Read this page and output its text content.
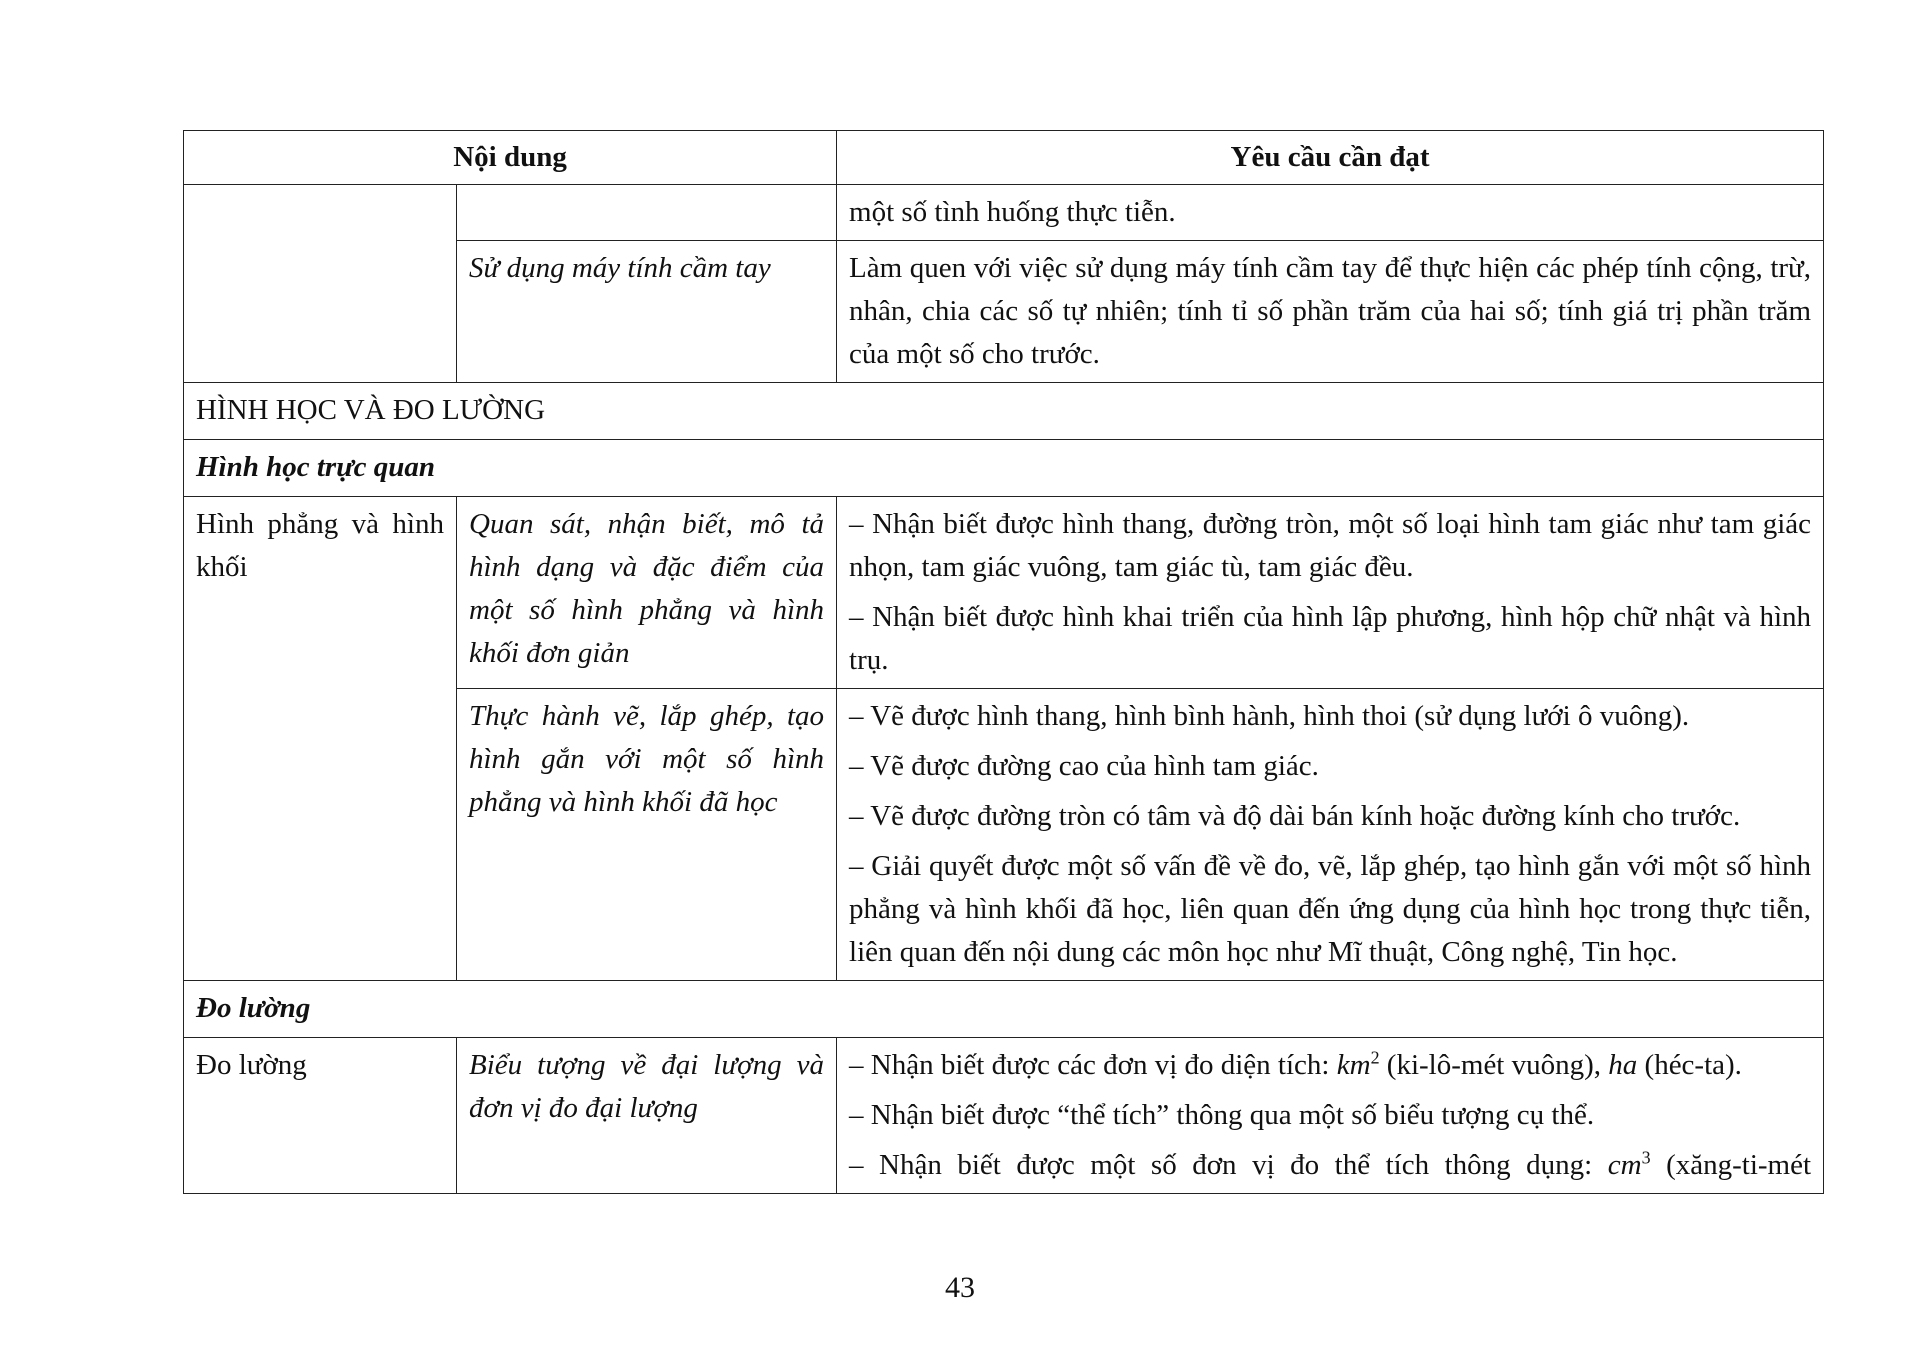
Nội dung		Yêu cầu cần đạt

		một số tình huống thực tiễn.

	Sử dụng máy tính cầm tay	Làm quen với việc sử dụng máy tính cầm tay để thực hiện các phép tính cộng, trừ, nhân, chia các số tự nhiên; tính tỉ số phần trăm của hai số; tính giá trị phần trăm của một số cho trước.

HÌNH HỌC VÀ ĐO LƯỜNG		
Hình học trực quan		
Hình phẳng và hình khối	Quan sát, nhận biết, mô tả hình dạng và đặc điểm của một số hình phẳng và hình khối đơn giản	– Nhận biết được hình thang, đường tròn, một số loại hình tam giác như tam giác nhọn, tam giác vuông, tam giác tù, tam giác đều.
– Nhận biết được hình khai triển của hình lập phương, hình hộp chữ nhật và hình trụ.

	Thực hành vẽ, lắp ghép, tạo hình gắn với một số hình phẳng và hình khối đã học	– Vẽ được hình thang, hình bình hành, hình thoi (sử dụng lưới ô vuông).
– Vẽ được đường cao của hình tam giác.
– Vẽ được đường tròn có tâm và độ dài bán kính hoặc đường kính cho trước.
– Giải quyết được một số vấn đề về đo, vẽ, lắp ghép, tạo hình gắn với một số hình phẳng và hình khối đã học, liên quan đến ứng dụng của hình học trong thực tiễn, liên quan đến nội dung các môn học như Mĩ thuật, Công nghệ, Tin học.

Đo lường		
Đo lường	Biểu tượng về đại lượng và đơn vị đo đại lượng	– Nhận biết được các đơn vị đo diện tích: $km^2$ (ki-lô-mét vuông), ha (héc-ta).
– Nhận biết được “thể tích” thông qua một số biểu tượng cụ thể.
– Nhận biết được một số đơn vị đo thể tích thông dụng: $cm^3$ (xăng-ti-mét
43
